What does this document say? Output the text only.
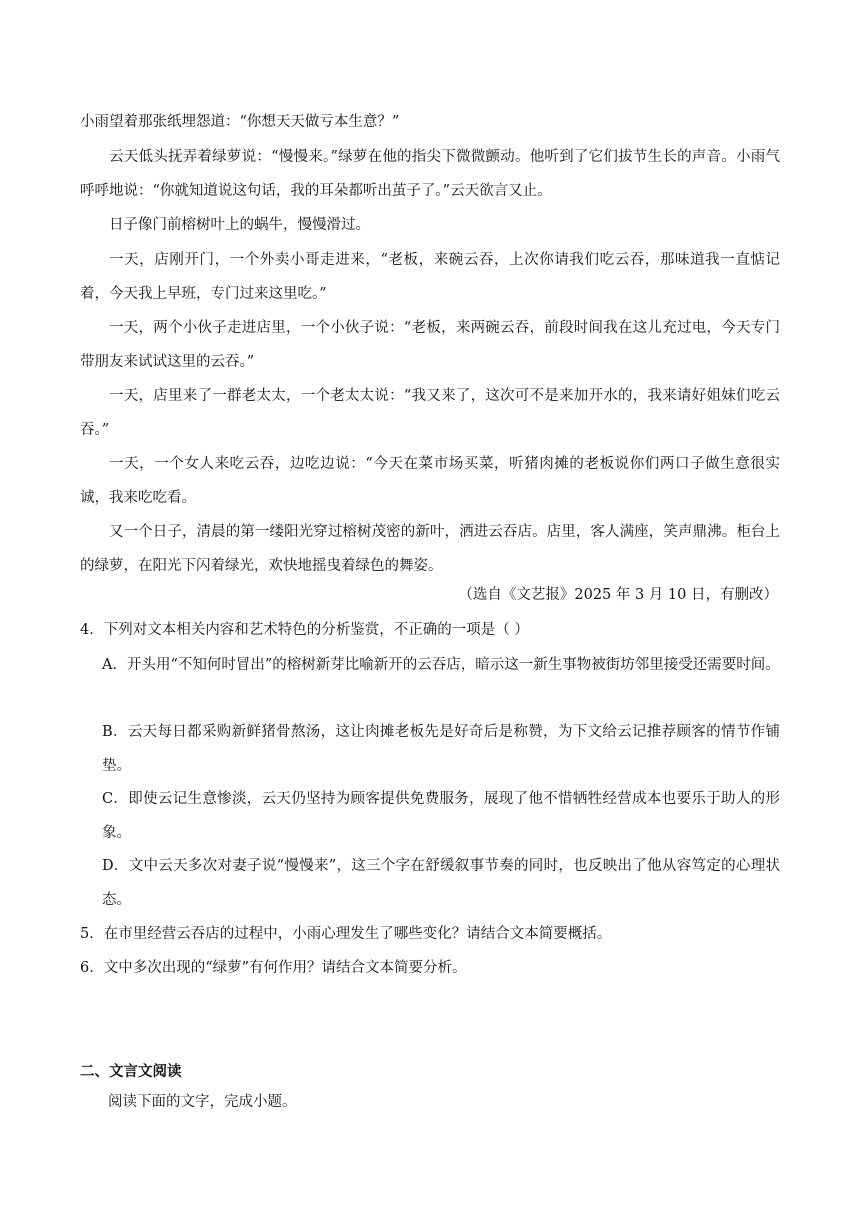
小雨望着那张纸埋怨道：“你想天天做亏本生意？”

云天低头抚弄着绿萝说：“慢慢来。”绿萝在他的指尖下微微颤动。他听到了它们拔节生长的声音。小雨气呼呼地说：“你就知道说这句话，我的耳朵都听出茧子了。”云天欲言又止。

日子像门前榕树叶上的蜗牛，慢慢滑过。

一天，店刚开门，一个外卖小哥走进来，“老板，来碗云吞，上次你请我们吃云吞，那味道我一直惦记着，今天我上早班，专门过来这里吃。”

一天，两个小伙子走进店里，一个小伙子说：“老板，来两碗云吞，前段时间我在这儿充过电，今天专门带朋友来试试这里的云吞。”

一天，店里来了一群老太太，一个老太太说：“我又来了，这次可不是来加开水的，我来请好姐妹们吃云吞。”

一天，一个女人来吃云吞，边吃边说：“今天在菜市场买菜，听猪肉摊的老板说你们两口子做生意很实诚，我来吃吃看。

又一个日子，清晨的第一缕阳光穿过榕树茂密的新叶，洒进云吞店。店里，客人满座，笑声鼎沸。柜台上的绿萝，在阳光下闪着绿光，欢快地摇曳着绿色的舞姿。

（选自《文艺报》2025 年 3 月 10 日，有删改）

4．下列对文本相关内容和艺术特色的分析鉴赏，不正确的一项是（ ）

A．开头用“不知何时冒出”的榕树新芽比喻新开的云吞店，暗示这一新生事物被街坊邻里接受还需要时间。

B．云天每日都采购新鲜猪骨熬汤，这让肉摊老板先是好奇后是称赞，为下文给云记推荐顾客的情节作铺垫。

C．即使云记生意惨淡，云天仍坚持为顾客提供免费服务，展现了他不惜牺牲经营成本也要乐于助人的形象。

D．文中云天多次对妻子说“慢慢来”，这三个字在舒缓叙事节奏的同时，也反映出了他从容笃定的心理状态。

5．在市里经营云吞店的过程中，小雨心理发生了哪些变化？请结合文本简要概括。

6．文中多次出现的“绿萝”有何作用？请结合文本简要分析。

二、文言文阅读

阅读下面的文字，完成小题。
